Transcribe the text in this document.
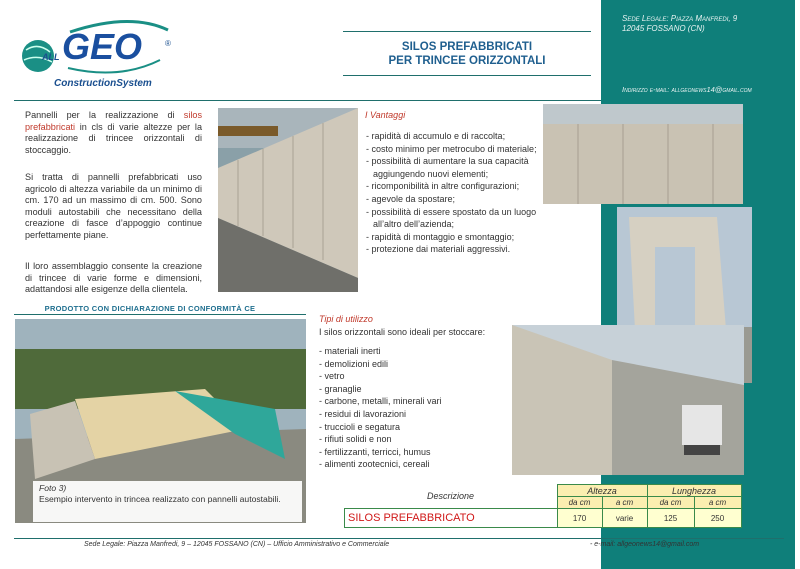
Sede Legale: Piazza Manfredi, 9
12045 FOSSANO (CN)
Indirizzo e-mail: allgeonews14@gmail.com
ALL GEO	®
ConstructionSystem
SILOS PREFABBRICATI
PER TRINCEE ORIZZONTALI
Pannelli per la realizzazione di silos prefabbricati in cls di varie altezze per la realizzazione di trincee orizzontali di stoccaggio.
Si tratta di pannelli prefabbricati uso agricolo di altezza variabile da un minimo di cm. 170 ad un massimo di cm. 500. Sono moduli autostabili che necessitano della creazione di fasce d’appoggio continue perfettamente piane.
Il loro assemblaggio consente la creazione di trincee di varie forme e dimensioni, adattandosi alle esigenze della clientela.
I Vantaggi
- rapidità di accumulo e di raccolta;
- costo minimo per metrocubo di materiale;
- possibilità di aumentare la sua capacità aggiungendo nuovi elementi;
- ricomponibilità in altre configurazioni;
- agevole da spostare;
- possibilità di essere spostato da un luogo all’altro dell’azienda;
- rapidità di montaggio e smontaggio;
- protezione dai materiali aggressivi.
PRODOTTO CON DICHIARAZIONE DI CONFORMITÀ CE
Foto 3)
Esempio intervento in trincea realizzato con pannelli autostabili.
Tipi di utilizzo
I silos orizzontali sono ideali per stoccare:
- materiali inerti
- demolizioni edili
- vetro
- granaglie
- carbone, metalli, minerali vari
- residui di lavorazioni
- truccioli e segatura
- rifiuti solidi e non
- fertilizzanti, terricci, humus
- alimenti zootecnici, cereali
Descrizione	Altezza		Lunghezza	
	da cm	a cm	da cm	a cm
SILOS PREFABBRICATO	170	varie	125	250
Sede Legale: Piazza Manfredi, 9 – 12045 FOSSANO (CN) – Ufficio Amministrativo e Commerciale	- e-mail: allgeonews14@gmail.com
